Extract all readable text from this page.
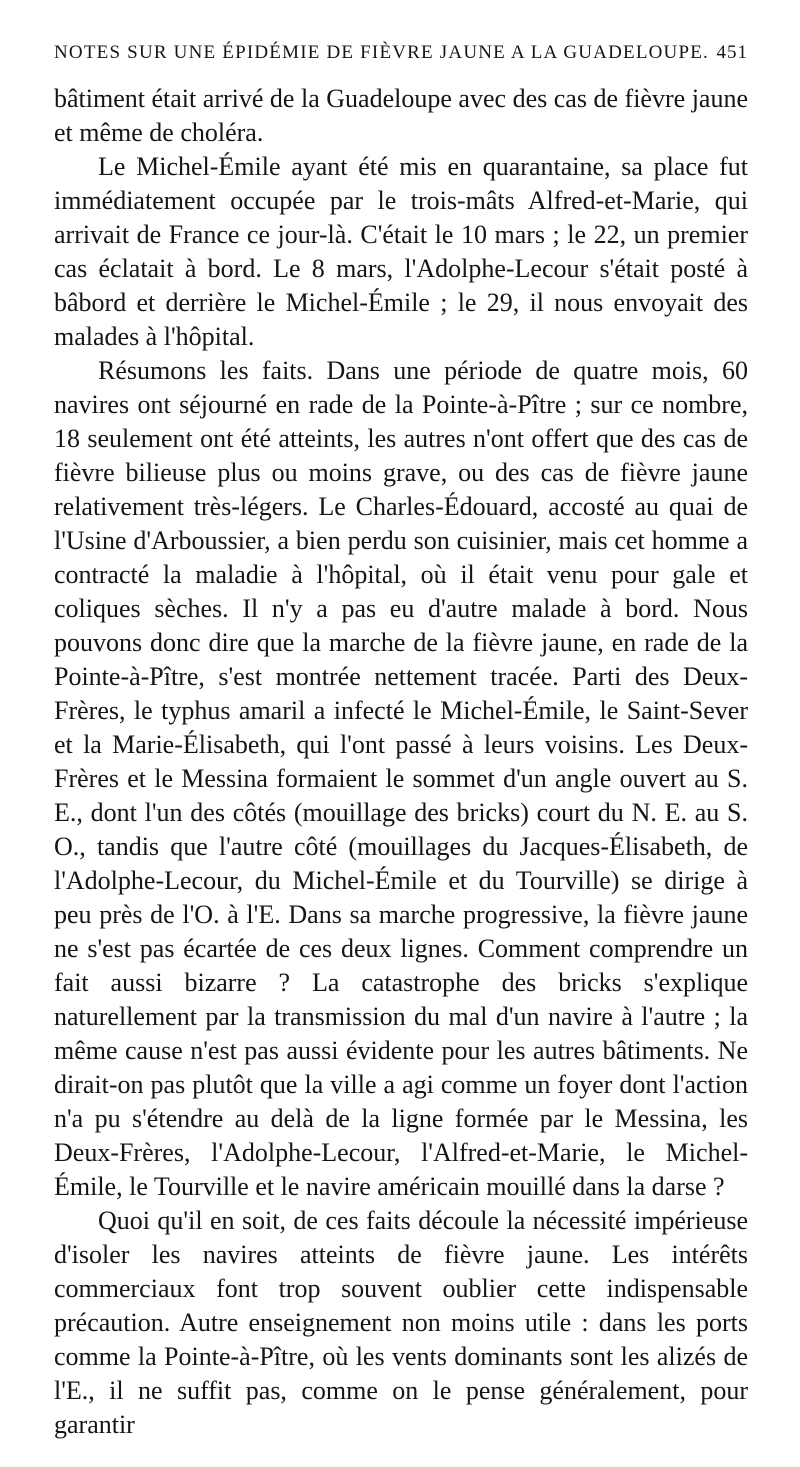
NOTES SUR UNE ÉPIDÉMIE DE FIÈVRE JAUNE A LA GUADELOUPE. 451

bâtiment était arrivé de la Guadeloupe avec des cas de fièvre jaune et même de choléra.

Le Michel-Émile ayant été mis en quarantaine, sa place fut immédiatement occupée par le trois-mâts Alfred-et-Marie, qui arrivait de France ce jour-là. C'était le 10 mars ; le 22, un premier cas éclatait à bord. Le 8 mars, l'Adolphe-Lecour s'était posté à bâbord et derrière le Michel-Émile ; le 29, il nous envoyait des malades à l'hôpital.

Résumons les faits. Dans une période de quatre mois, 60 navires ont séjourné en rade de la Pointe-à-Pître ; sur ce nombre, 18 seulement ont été atteints, les autres n'ont offert que des cas de fièvre bilieuse plus ou moins grave, ou des cas de fièvre jaune relativement très-légers. Le Charles-Édouard, accosté au quai de l'Usine d'Arboussier, a bien perdu son cuisinier, mais cet homme a contracté la maladie à l'hôpital, où il était venu pour gale et coliques sèches. Il n'y a pas eu d'autre malade à bord. Nous pouvons donc dire que la marche de la fièvre jaune, en rade de la Pointe-à-Pître, s'est montrée nettement tracée. Parti des Deux-Frères, le typhus amaril a infecté le Michel-Émile, le Saint-Sever et la Marie-Élisabeth, qui l'ont passé à leurs voisins. Les Deux-Frères et le Messina formaient le sommet d'un angle ouvert au S. E., dont l'un des côtés (mouillage des bricks) court du N. E. au S. O., tandis que l'autre côté (mouillages du Jacques-Élisabeth, de l'Adolphe-Lecour, du Michel-Émile et du Tourville) se dirige à peu près de l'O. à l'E. Dans sa marche progressive, la fièvre jaune ne s'est pas écartée de ces deux lignes. Comment comprendre un fait aussi bizarre ? La catastrophe des bricks s'explique naturellement par la transmission du mal d'un navire à l'autre ; la même cause n'est pas aussi évidente pour les autres bâtiments. Ne dirait-on pas plutôt que la ville a agi comme un foyer dont l'action n'a pu s'étendre au delà de la ligne formée par le Messina, les Deux-Frères, l'Adolphe-Lecour, l'Alfred-et-Marie, le Michel-Émile, le Tourville et le navire américain mouillé dans la darse ?

Quoi qu'il en soit, de ces faits découle la nécessité impérieuse d'isoler les navires atteints de fièvre jaune. Les intérêts commerciaux font trop souvent oublier cette indispensable précaution. Autre enseignement non moins utile : dans les ports comme la Pointe-à-Pître, où les vents dominants sont les alizés de l'E., il ne suffit pas, comme on le pense généralement, pour garantir
